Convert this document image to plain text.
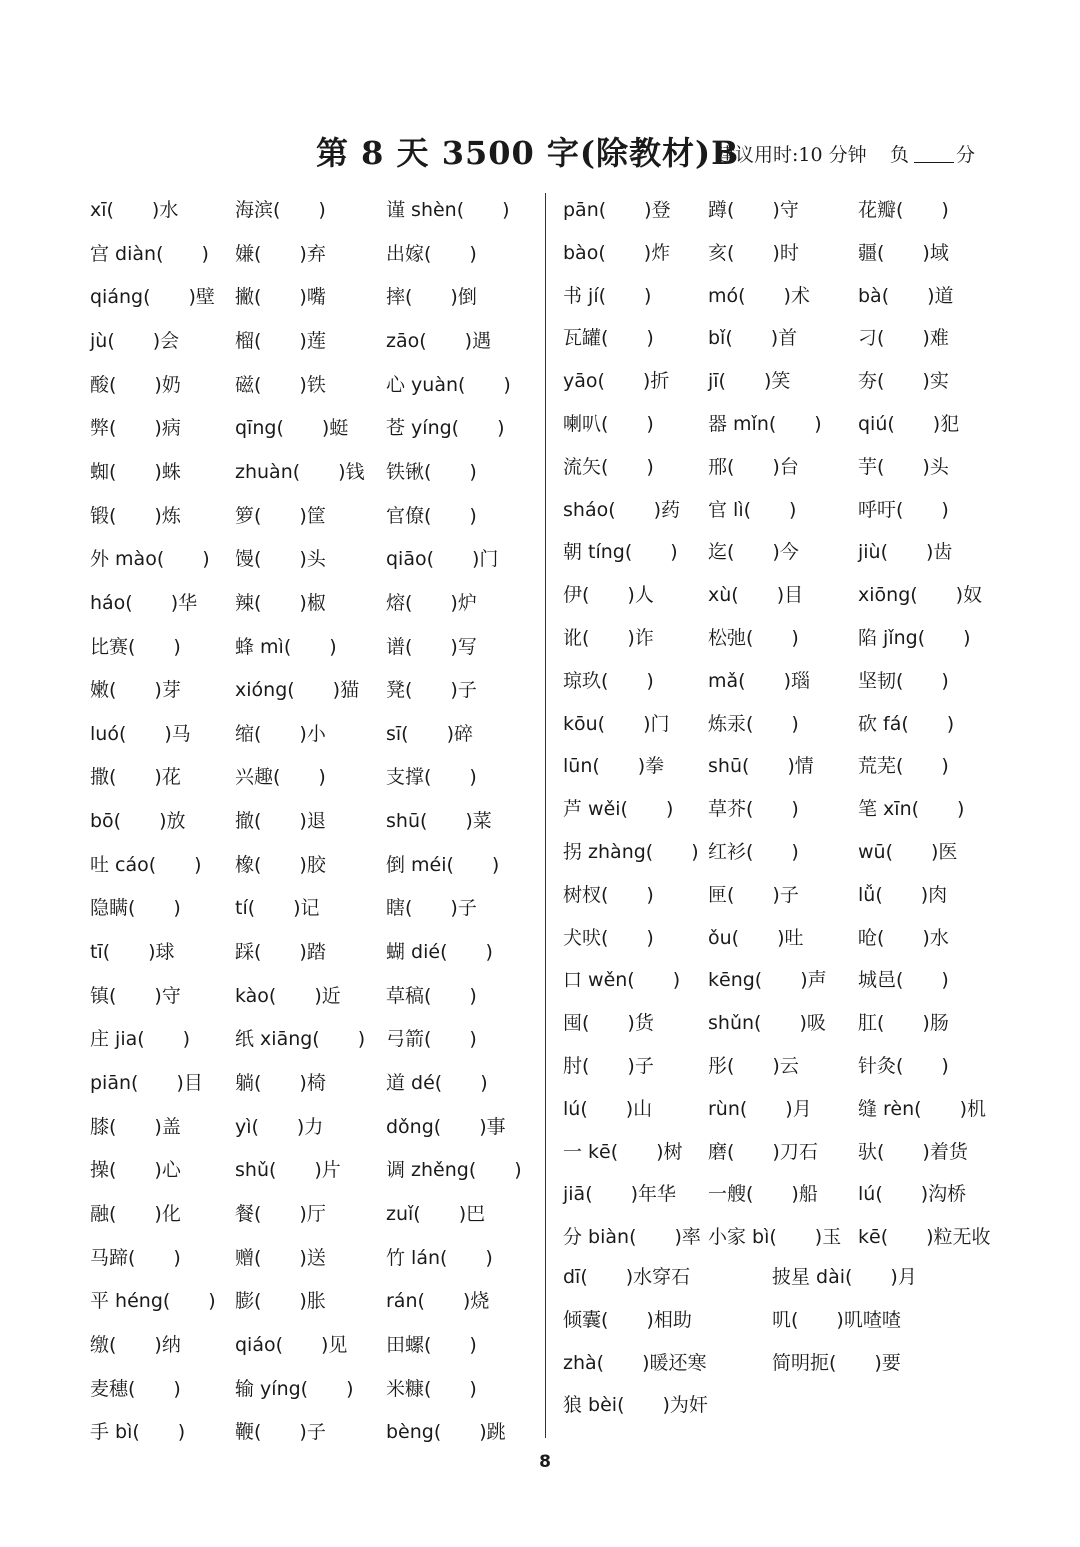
第 8 天 3500 字(除教材)B
建议用时:10 分钟 负 分
xī(　　)水
宫 diàn(　　)
qiáng(　　)壁
jù(　　)会
酸(　　)奶
弊(　　)病
蜘(　　)蛛
锻(　　)炼
外 mào(　　)
háo(　　)华
比赛(　　)
嫩(　　)芽
luó(　　)马
撒(　　)花
bō(　　)放
吐 cáo(　　)
隐瞒(　　)
tī(　　)球
镇(　　)守
庄 jia(　　)
piān(　　)目
膝(　　)盖
操(　　)心
融(　　)化
马蹄(　　)
平 héng(　　)
缴(　　)纳
麦穗(　　)
手 bì(　　)
海滨(　　)
嫌(　　)弃
撇(　　)嘴
榴(　　)莲
磁(　　)铁
qīng(　　)蜓
zhuàn(　　)钱
箩(　　)筐
馒(　　)头
辣(　　)椒
蜂 mì(　　)
xióng(　　)猫
缩(　　)小
兴趣(　　)
撤(　　)退
橡(　　)胶
tí(　　)记
踩(　　)踏
kào(　　)近
纸 xiāng(　　)
躺(　　)椅
yì(　　)力
shǔ(　　)片
餐(　　)厅
赠(　　)送
膨(　　)胀
qiáo(　　)见
输 yíng(　　)
鞭(　　)子
谨 shèn(　　)
出嫁(　　)
摔(　　)倒
zāo(　　)遇
心 yuàn(　　)
苍 yíng(　　)
铁锹(　　)
官僚(　　)
qiāo(　　)门
熔(　　)炉
谱(　　)写
凳(　　)子
sī(　　)碎
支撑(　　)
shū(　　)菜
倒 méi(　　)
瞎(　　)子
蝴 dié(　　)
草稿(　　)
弓箭(　　)
道 dé(　　)
dǒng(　　)事
调 zhěng(　　)
zuǐ(　　)巴
竹 lán(　　)
rán(　　)烧
田螺(　　)
米糠(　　)
bèng(　　)跳
pān(　　)登
bào(　　)炸
书 jí(　　)
瓦罐(　　)
yāo(　　)折
喇叭(　　)
流矢(　　)
sháo(　　)药
朝 tíng(　　)
伊(　　)人
讹(　　)诈
琼玖(　　)
kōu(　　)门
lūn(　　)拳
芦 wěi(　　)
拐 zhàng(　　)
树杈(　　)
犬吠(　　)
口 wěn(　　)
囤(　　)货
肘(　　)子
lú(　　)山
一 kē(　　)树
jiā(　　)年华
分 biàn(　　)率
蹲(　　)守
亥(　　)时
mó(　　)术
bǐ(　　)首
jī(　　)笑
器 mǐn(　　)
邢(　　)台
官 lì(　　)
迄(　　)今
xù(　　)目
松弛(　　)
mǎ(　　)瑙
炼汞(　　)
shū(　　)情
草芥(　　)
红衫(　　)
匣(　　)子
ǒu(　　)吐
kēng(　　)声
shǔn(　　)吸
彤(　　)云
rùn(　　)月
磨(　　)刀石
一艘(　　)船
小家 bì(　　)玉
花瓣(　　)
疆(　　)域
bà(　　)道
刁(　　)难
夯(　　)实
qiú(　　)犯
芋(　　)头
呼吁(　　)
jiù(　　)齿
xiōng(　　)奴
陷 jǐng(　　)
坚韧(　　)
砍 fá(　　)
荒芜(　　)
笔 xīn(　　)
wū(　　)医
lǚ(　　)肉
呛(　　)水
城邑(　　)
肛(　　)肠
针灸(　　)
缝 rèn(　　)机
驮(　　)着货
lú(　　)沟桥
kē(　　)粒无收
dī(　　)水穿石
倾囊(　　)相助
zhà(　　)暖还寒
狼 bèi(　　)为奸
披星 dài(　　)月
叽(　　)叽喳喳
简明扼(　　)要
8
